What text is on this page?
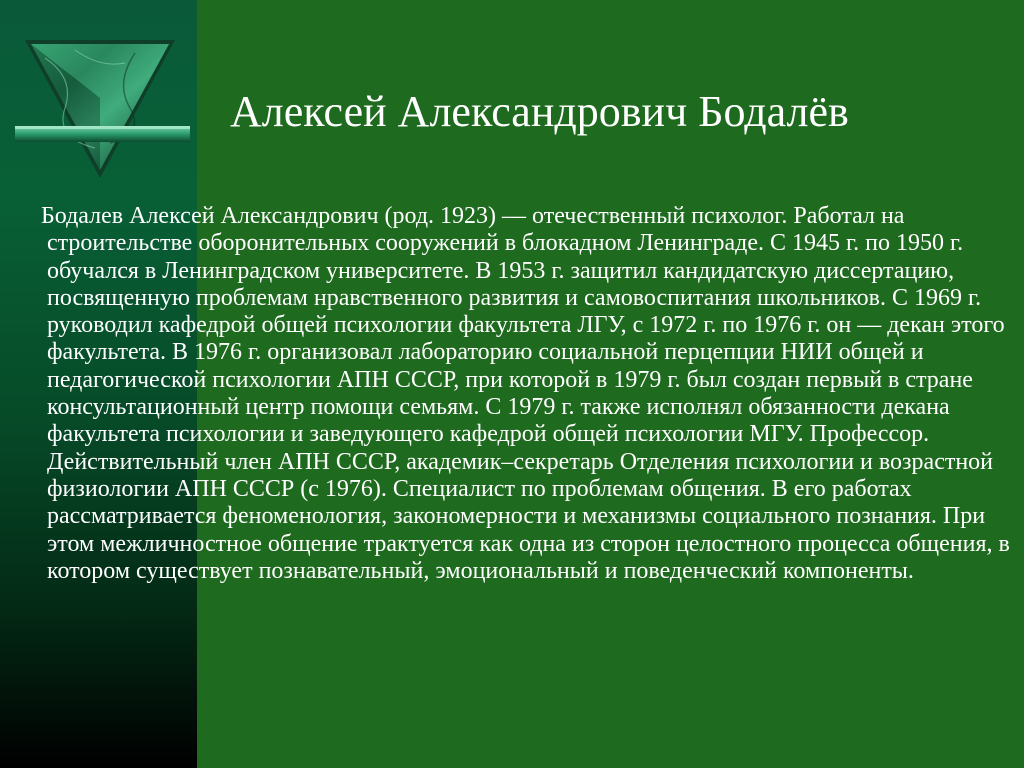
Алексей Александрович Бодалёв
Бодалев Алексей Александрович (род. 1923) — отечественный психолог. Работал на строительстве оборонительных сооружений в блокадном Ленинграде. С 1945 г. по 1950 г. обучался в Ленинградском университете. В 1953 г. защитил кандидатскую диссертацию, посвященную проблемам нравственного развития и самовоспитания школьников. С 1969 г. руководил кафедрой общей психологии факультета ЛГУ, с 1972 г. по 1976 г. он — декан этого факультета. В 1976 г. организовал лабораторию социальной перцепции НИИ общей и педагогической психологии АПН СССР, при которой в 1979 г. был создан первый в стране консультационный центр помощи семьям. С 1979 г. также исполнял обязанности декана факультета психологии и заведующего кафедрой общей психологии МГУ. Профессор. Действительный член АПН СССР, академик–секретарь Отделения психологии и возрастной физиологии АПН СССР (с 1976). Специалист по проблемам общения. В его работах рассматривается феноменология, закономерности и механизмы социального познания. При этом межличностное общение трактуется как одна из сторон целостного процесса общения, в котором существует познавательный, эмоциональный и поведенческий компоненты.
